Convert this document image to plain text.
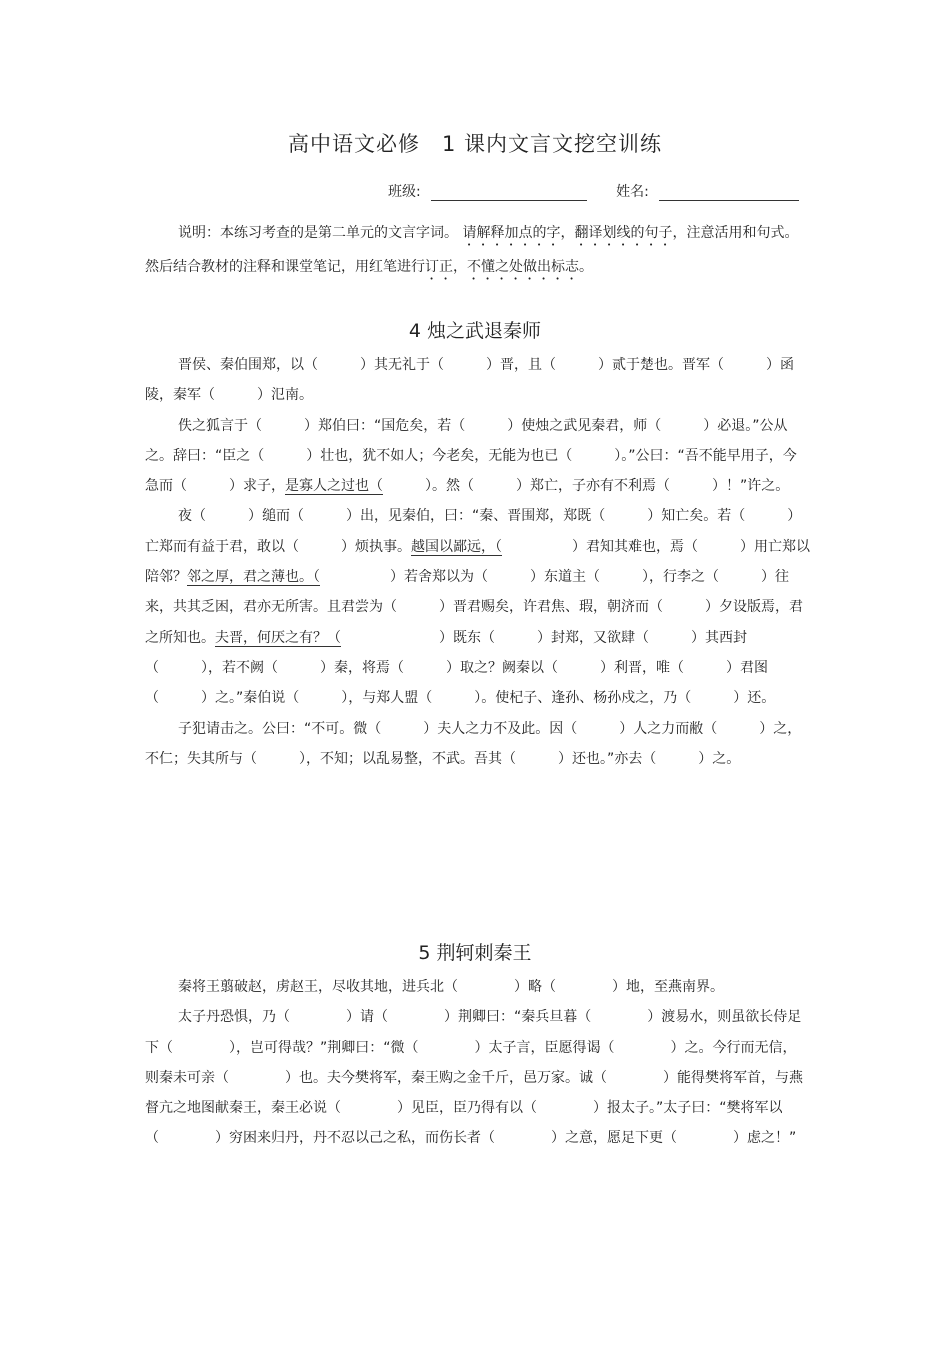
高中语文必修　1 课内文言文挖空训练
班级:	姓名:
说明：本练习考查的是第二单元的文言字词。 请解释加点的字，翻译划线的句子，注意活用和句式。然后结合教材的注释和课堂笔记，用红笔进行订正，不懂之处做出标志。
4 烛之武退秦师

晋侯、秦伯围郑，以（　　　）其无礼于（　　　）晋，且（　　　）贰于楚也。晋军（　　　）函陵，秦军（　　　）氾南。

佚之狐言于（　　　）郑伯曰：“国危矣，若（　　　）使烛之武见秦君，师（　　　）必退。”公从之。辞曰：“臣之（　　　）壮也，犹不如人；今老矣，无能为也已（　　　）。”公曰：“吾不能早用子，今急而（　　　）求子，是寡人之过也（　　　）。然（　　　）郑亡，子亦有不利焉（　　　）！”许之。

夜（　　　）缒而（　　　）出，见秦伯，曰：“秦、晋围郑，郑既（　　　）知亡矣。若（　　　）亡郑而有益于君，敢以（　　　）烦执事。越国以鄙远，（　　　　　）君知其难也，焉（　　　）用亡郑以陪邻？邻之厚，君之薄也。（　　　　　）若舍郑以为（　　　）东道主（　　　），行李之（　　　）往来，共其乏困，君亦无所害。且君尝为（　　　）晋君赐矣，许君焦、瑕，朝济而（　　　）夕设版焉，君之所知也。夫晋，何厌之有？（　　　　　　　）既东（　　　）封郑，又欲肆（　　　）其西封（　　　），若不阙（　　　）秦，将焉（　　　）取之？阙秦以（　　　）利晋，唯（　　　）君图（　　　）之。”秦伯说（　　　），与郑人盟（　　　）。使杞子、逢孙、杨孙戍之，乃（　　　）还。

子犯请击之。公曰：“不可。微（　　　）夫人之力不及此。因（　　　）人之力而敝（　　　）之，不仁；失其所与（　　　），不知；以乱易整，不武。吾其（　　　）还也。”亦去（　　　）之。

5 荆轲刺秦王

秦将王翦破赵，虏赵王，尽收其地，进兵北（　　　　）略（　　　　）地，至燕南界。

太子丹恐惧，乃（　　　　）请（　　　　）荆卿曰：“秦兵旦暮（　　　　）渡易水，则虽欲长侍足下（　　　　），岂可得哉？”荆卿曰：“微（　　　　）太子言，臣愿得谒（　　　　）之。今行而无信，则秦未可亲（　　　　）也。夫今樊将军，秦王购之金千斤，邑万家。诚（　　　　）能得樊将军首，与燕督亢之地图献秦王，秦王必说（　　　　）见臣，臣乃得有以（　　　　）报太子。”太子曰：“樊将军以（　　　　）穷困来归丹，丹不忍以己之私，而伤长者（　　　　）之意，愿足下更（　　　　）虑之！”
